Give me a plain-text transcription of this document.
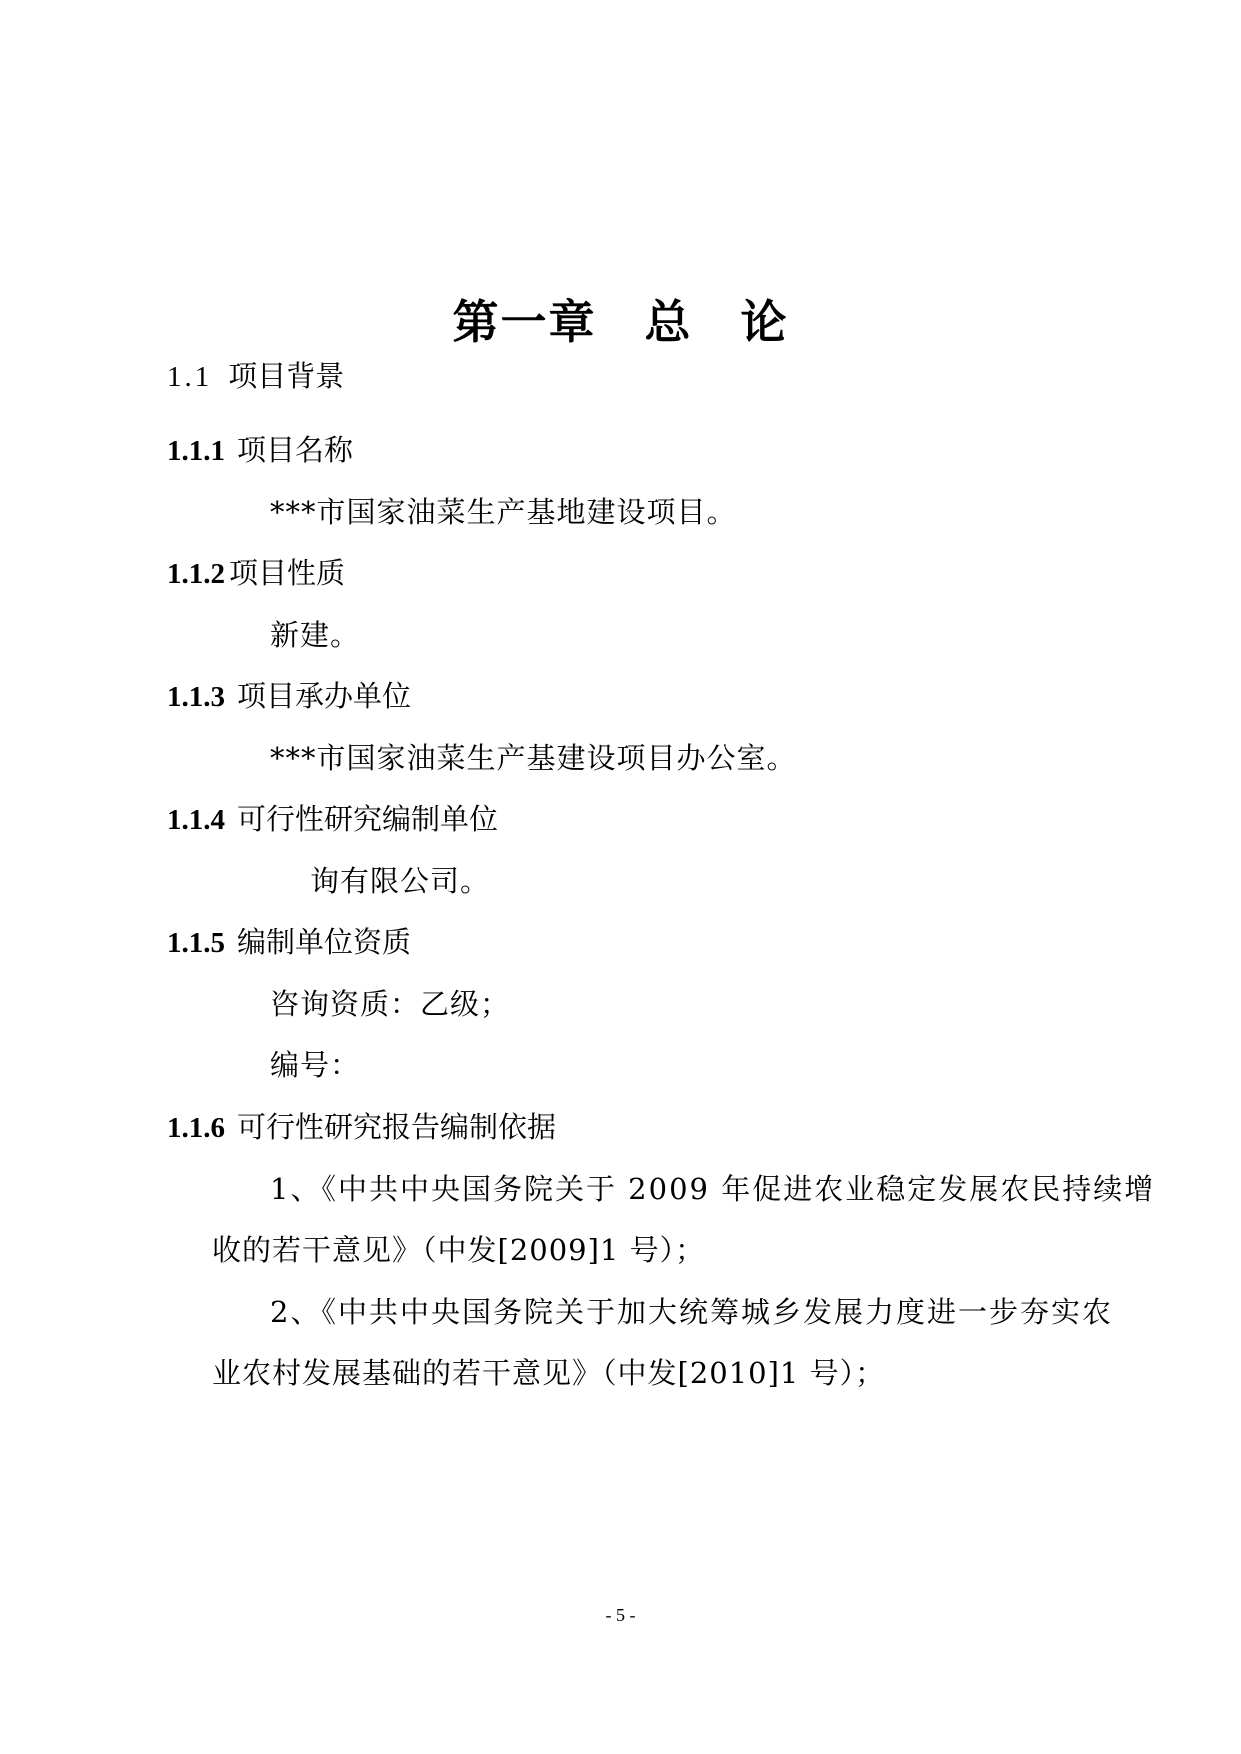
第一章 总 论
1.1 项目背景
1.1.1 项目名称
***市国家油菜生产基地建设项目。
1.1.2 项目性质
新建。
1.1.3 项目承办单位
***市国家油菜生产基建设项目办公室。
1.1.4 可行性研究编制单位
询有限公司。
1.1.5 编制单位资质
咨询资质：乙级；
编号：
1.1.6 可行性研究报告编制依据
1、《中共中央国务院关于 2009 年促进农业稳定发展农民持续增
收的若干意见》（中发[2009]1 号）；
2、《中共中央国务院关于加大统筹城乡发展力度进一步夯实农
业农村发展基础的若干意见》（中发[2010]1 号）；
- 5 -
